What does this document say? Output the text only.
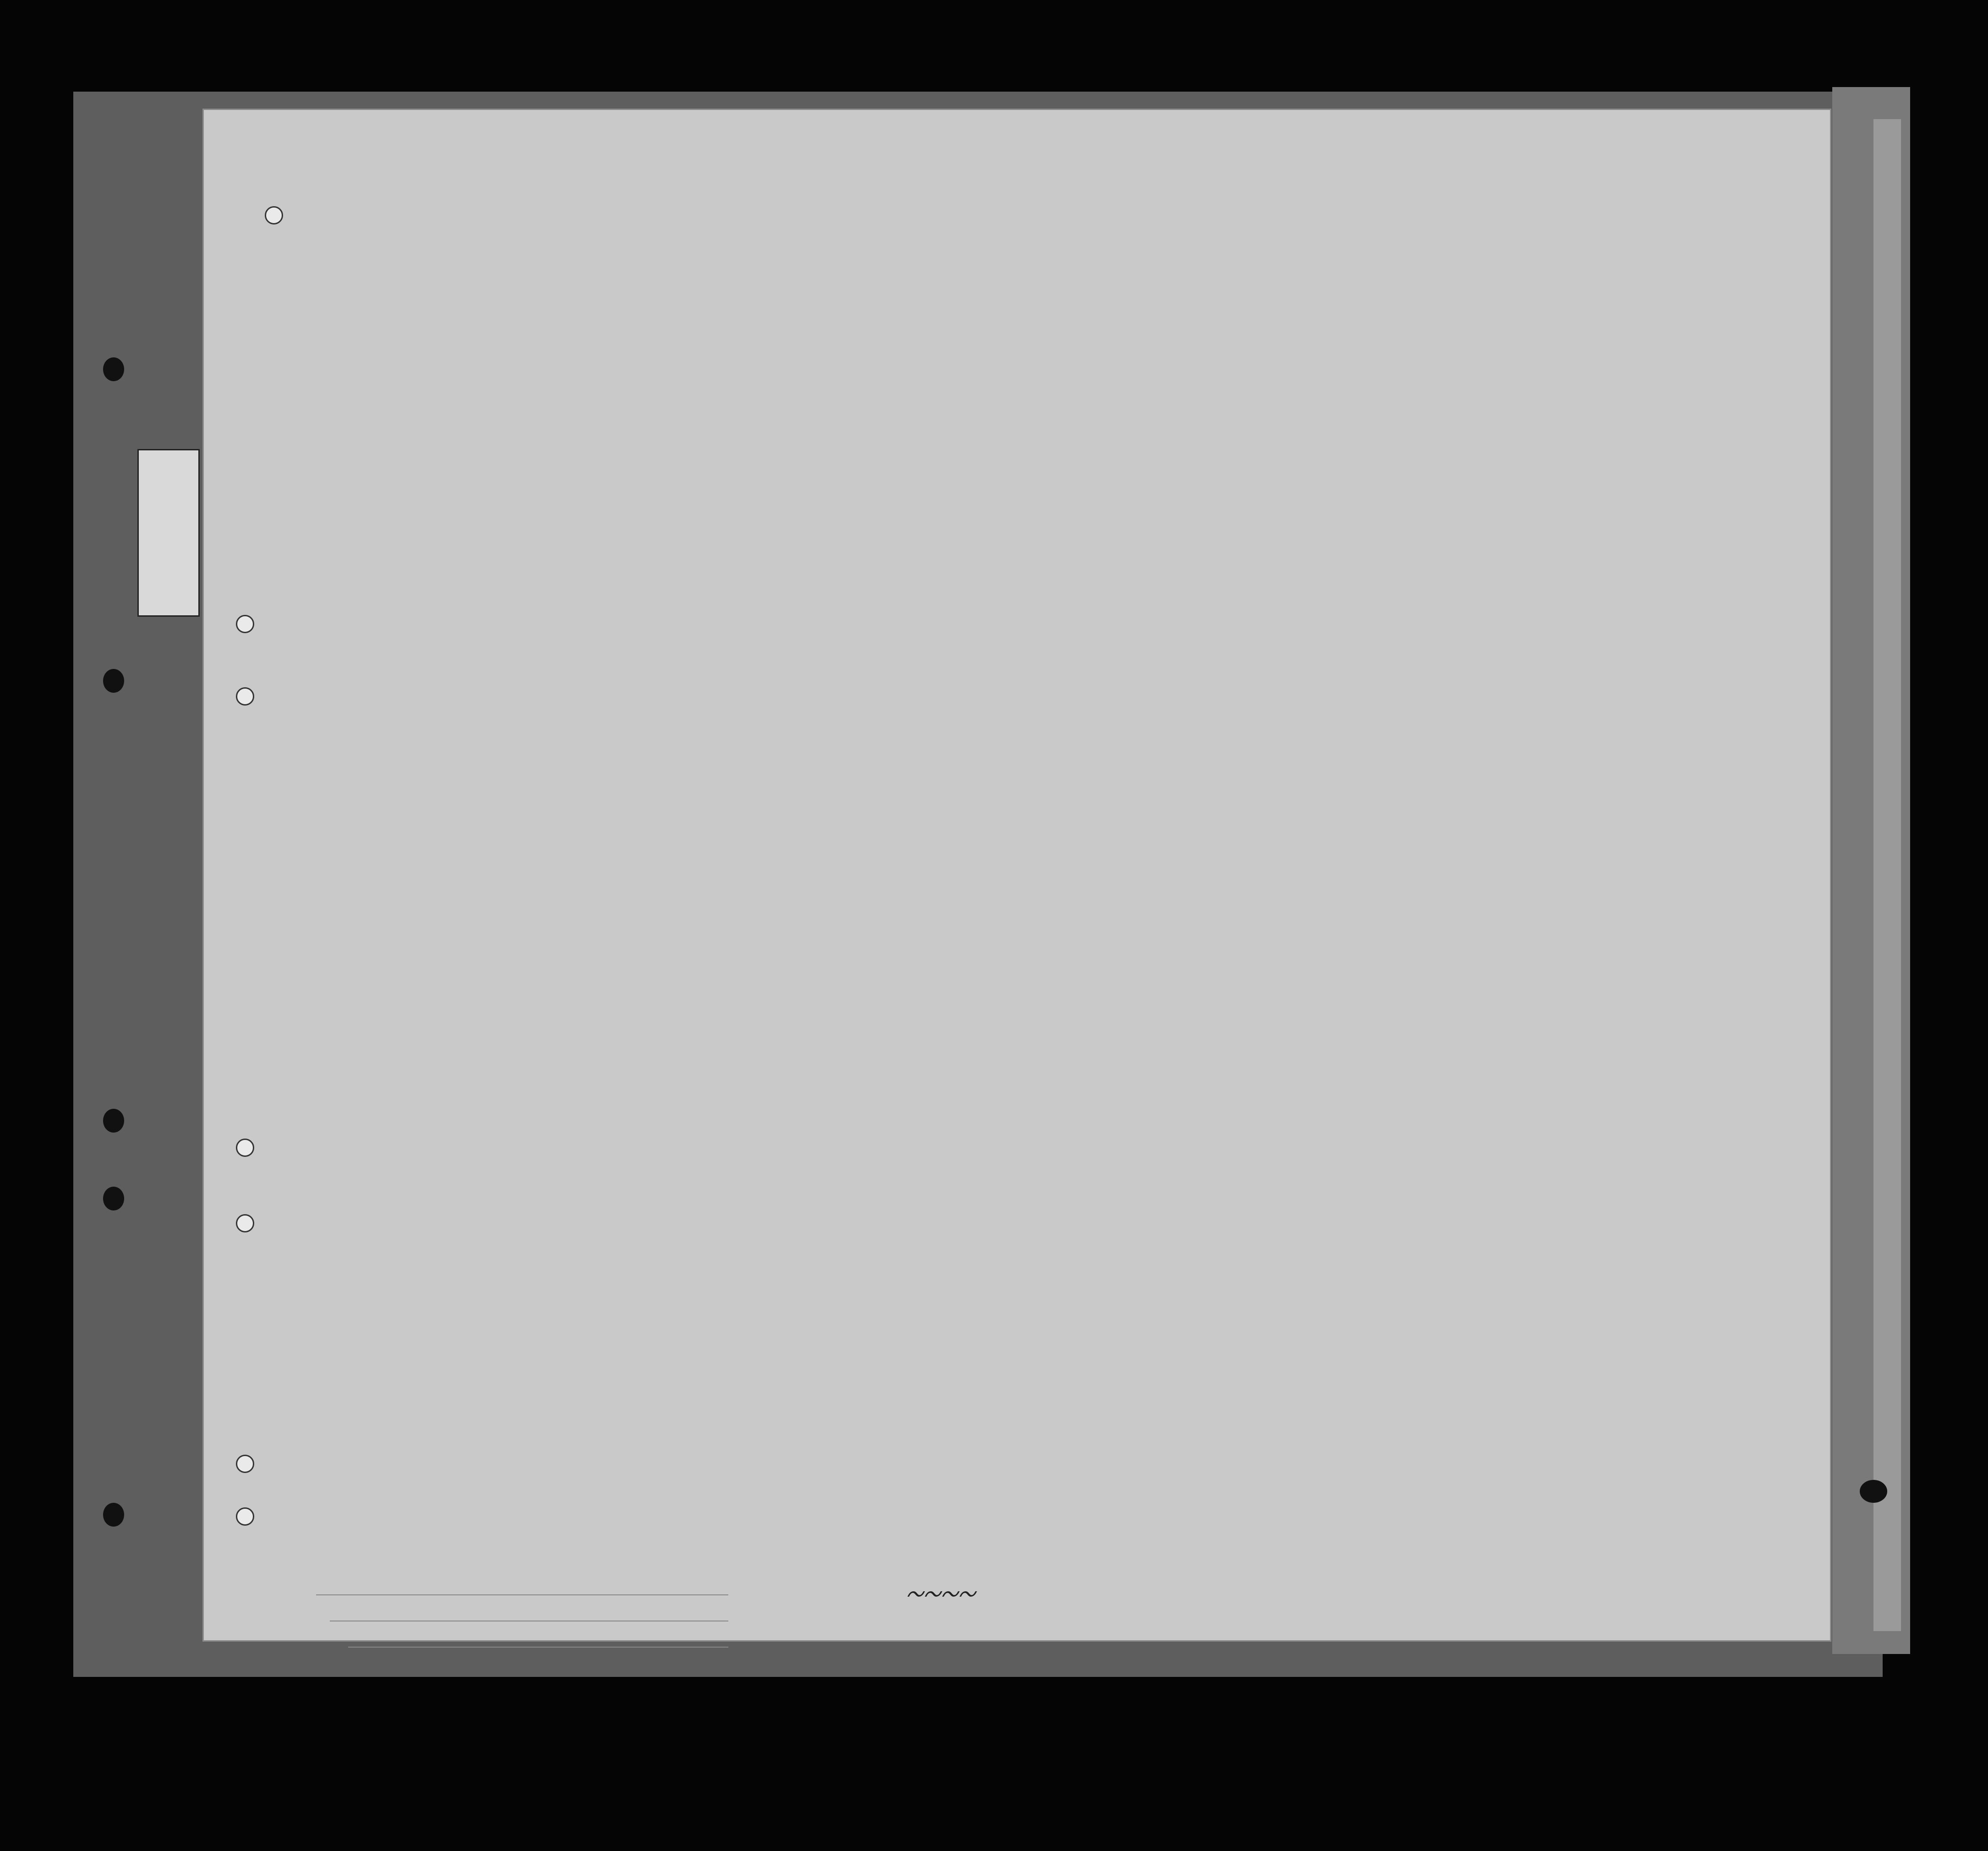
~~~~
